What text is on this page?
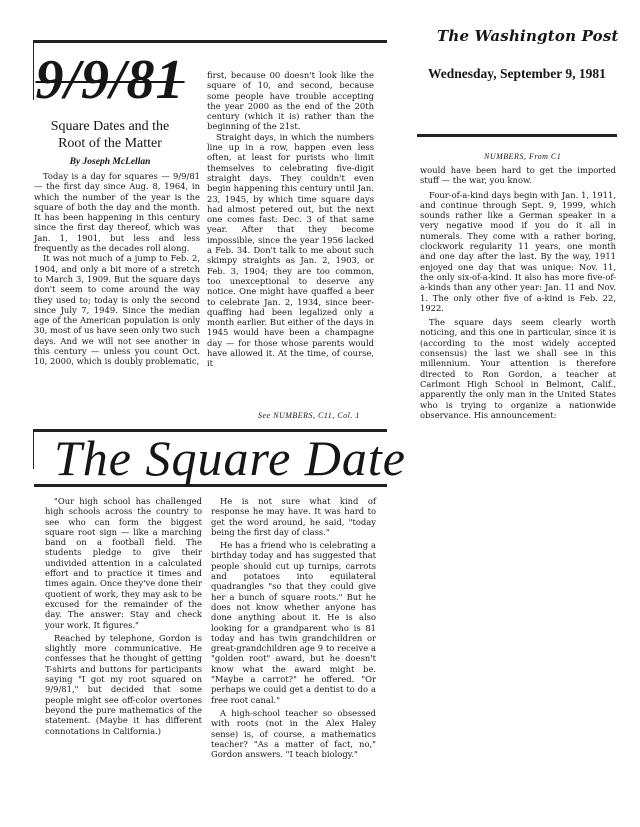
The Washington Post
Wednesday, September 9, 1981
9/9/81
Square Dates and the
Root of the Matter
By Joseph McLellan

Today is a day for squares — 9/9/81 — the first day since Aug. 8, 1964, in which the number of the year is the square of both the day and the month. It has been happening in this century since the first day thereof, which was Jan. 1, 1901, but less and less frequently as the decades roll along.

It was not much of a jump to Feb. 2, 1904, and only a bit more of a stretch to March 3, 1909. But the square days don't seem to come around the way they used to; today is only the second since July 7, 1949. Since the median age of the American population is only 30, most of us have seen only two such days. And we will not see another in this century — unless you count Oct. 10, 2000, which is doubly problematic,

first, because 00 doesn't look like the square of 10, and second, because some people have trouble accepting the year 2000 as the end of the 20th century (which it is) rather than the beginning of the 21st.

Straight days, in which the numbers line up in a row, happen even less often, at least for purists who limit themselves to celebrating five-digit straight days. They couldn't even begin happening this century until Jan. 23, 1945, by which time square days had almost petered out, but the next one comes fast: Dec. 3 of that same year. After that they become impossible, since the year 1956 lacked a Feb. 34. Don't talk to me about such skimpy straights as Jan. 2, 1903, or Feb. 3, 1904; they are too common, too unexceptional to deserve any notice. One might have quaffed a beer to celebrate Jan. 2, 1934, since beer-quaffing had been legalized only a month earlier. But either of the days in 1945 would have been a champagne day — for those whose parents would have allowed it. At the time, of course, it

See NUMBERS, C11, Col. 1
NUMBERS, From C1

would have been hard to get the imported stuff — the war, you know.

Four-of-a-kind days begin with Jan. 1, 1911, and continue through Sept. 9, 1999, which sounds rather like a German speaker in a very negative mood if you do it all in numerals. They come with a rather boring, clockwork regularity 11 years, one month and one day after the last. By the way, 1911 enjoyed one day that was unique: Nov. 11, the only six-of-a-kind. It also has more five-of-a-kinds than any other year: Jan. 11 and Nov. 1. The only other five of a-kind is Feb. 22, 1922.

The square days seem clearly worth noticing, and this one in particular, since it is (according to the most widely accepted consensus) the last we shall see in this millennium. Your attention is therefore directed to Ron Gordon, a teacher at Carlmont High School in Belmont, Calif., apparently the only man in the United States who is trying to organize a nationwide observance. His announcement:

The Square Date

"Our high school has challenged high schools across the country to see who can form the biggest square root sign — like a marching band on a football field. The students pledge to give their undivided attention in a calculated effort and to practice it times and times again. Once they've done their quotient of work, they may ask to be excused for the remainder of the day. The answer: Stay and check your work. It figures."

Reached by telephone, Gordon is slightly more communicative. He confesses that he thought of getting T-shirts and buttons for participants saying "I got my root squared on 9/9/81," but decided that some people might see off-color overtones beyond the pure mathematics of the statement. (Maybe it has different connotations in California.)

He is not sure what kind of response he may have. It was hard to get the word around, he said, "today being the first day of class."

He has a friend who is celebrating a birthday today and has suggested that people should cut up turnips, carrots and potatoes into equilateral quadrangles "so that they could give her a bunch of square roots." But he does not know whether anyone has done anything about it. He is also looking for a grandparent who is 81 today and has twin grandchildren or great-grandchildren age 9 to receive a "golden root" award, but he doesn't know what the award might be. "Maybe a carrot?" he offered. "Or perhaps we could get a dentist to do a free root canal."

A high-school teacher so obsessed with roots (not in the Alex Haley sense) is, of course, a mathematics teacher? "As a matter of fact, no," Gordon answers. "I teach biology."
